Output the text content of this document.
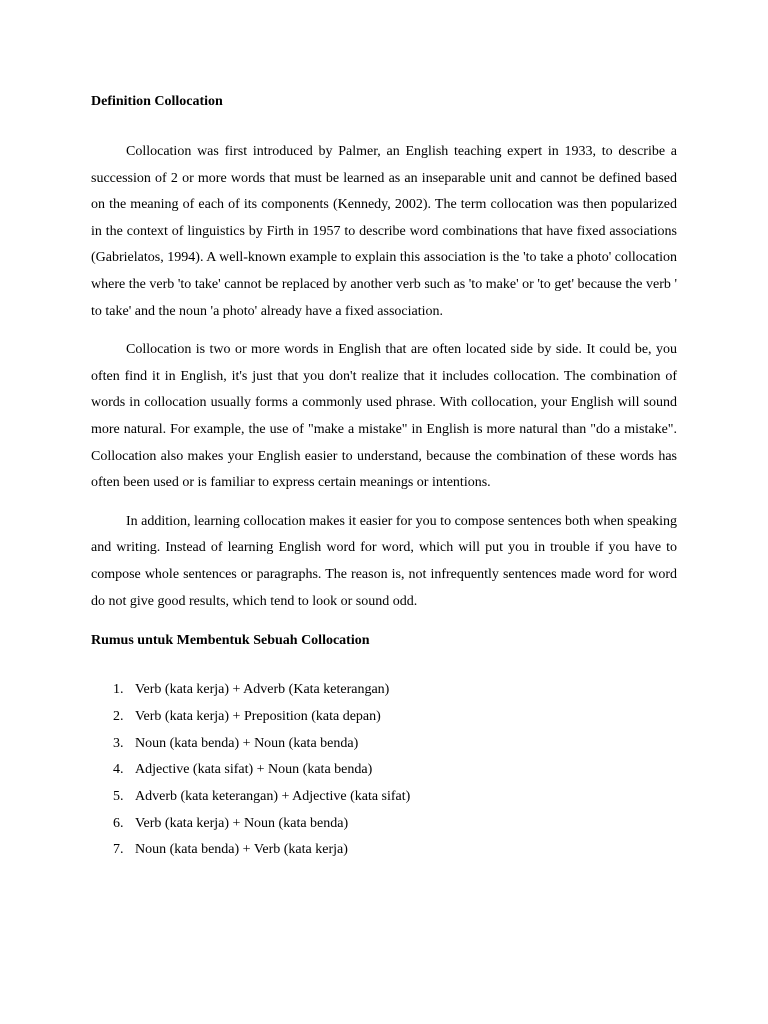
Definition Collocation

Collocation was first introduced by Palmer, an English teaching expert in 1933, to describe a succession of 2 or more words that must be learned as an inseparable unit and cannot be defined based on the meaning of each of its components (Kennedy, 2002). The term collocation was then popularized in the context of linguistics by Firth in 1957 to describe word combinations that have fixed associations (Gabrielatos, 1994). A well-known example to explain this association is the 'to take a photo' collocation where the verb 'to take' cannot be replaced by another verb such as 'to make' or 'to get' because the verb ' to take' and the noun 'a photo' already have a fixed association.

Collocation is two or more words in English that are often located side by side. It could be, you often find it in English, it's just that you don't realize that it includes collocation. The combination of words in collocation usually forms a commonly used phrase. With collocation, your English will sound more natural. For example, the use of "make a mistake" in English is more natural than "do a mistake". Collocation also makes your English easier to understand, because the combination of these words has often been used or is familiar to express certain meanings or intentions.

In addition, learning collocation makes it easier for you to compose sentences both when speaking and writing. Instead of learning English word for word, which will put you in trouble if you have to compose whole sentences or paragraphs. The reason is, not infrequently sentences made word for word do not give good results, which tend to look or sound odd.

Rumus untuk Membentuk Sebuah Collocation
1. Verb (kata kerja) + Adverb (Kata keterangan)
2. Verb (kata kerja) + Preposition (kata depan)
3. Noun (kata benda) + Noun (kata benda)
4. Adjective (kata sifat) + Noun (kata benda)
5. Adverb (kata keterangan) + Adjective (kata sifat)
6. Verb (kata kerja) + Noun (kata benda)
7. Noun (kata benda) + Verb (kata kerja)
